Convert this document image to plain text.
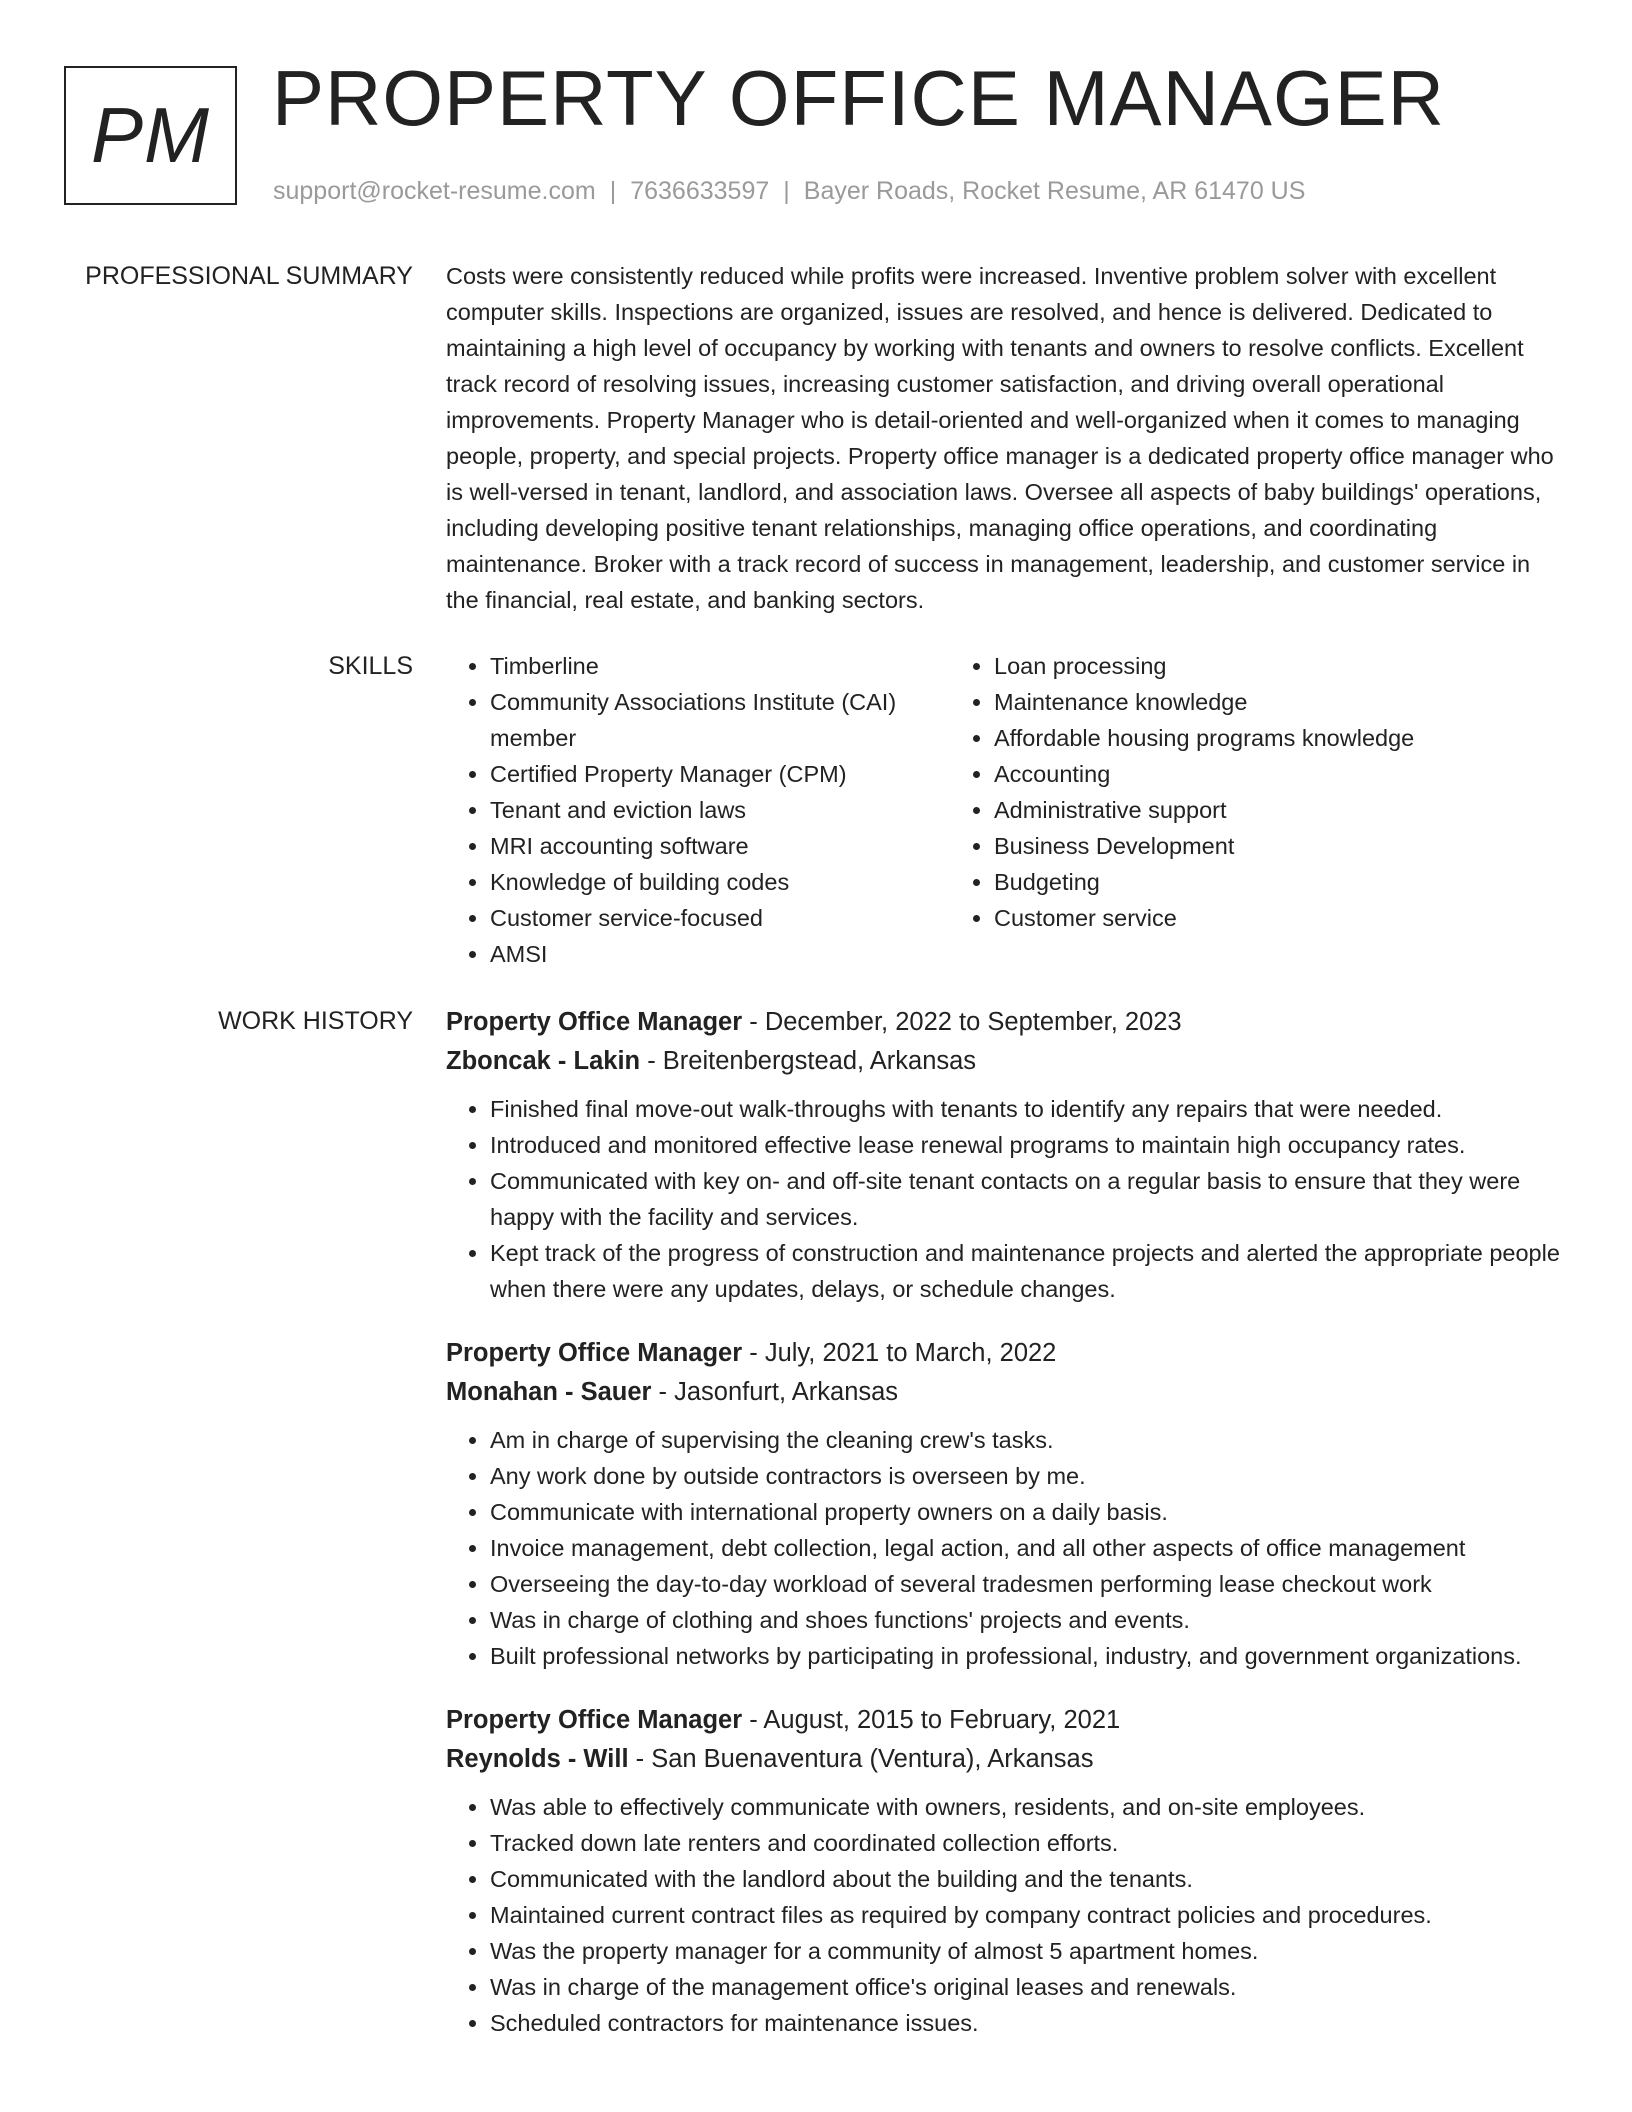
PM PROPERTY OFFICE MANAGER
support@rocket-resume.com | 7636633597 | Bayer Roads, Rocket Resume, AR 61470 US
PROFESSIONAL SUMMARY Costs were consistently reduced while profits were increased. Inventive problem solver with excellent computer skills. Inspections are organized, issues are resolved, and hence is delivered. Dedicated to maintaining a high level of occupancy by working with tenants and owners to resolve conflicts. Excellent track record of resolving issues, increasing customer satisfaction, and driving overall operational improvements. Property Manager who is detail-oriented and well-organized when it comes to managing people, property, and special projects. Property office manager is a dedicated property office manager who is well-versed in tenant, landlord, and association laws. Oversee all aspects of baby buildings' operations, including developing positive tenant relationships, managing office operations, and coordinating maintenance. Broker with a track record of success in management, leadership, and customer service in the financial, real estate, and banking sectors.

SKILLS
•	Timberline
• Community Associations Institute (CAI) member
• Certified Property Manager (CPM)
• Tenant and eviction laws
• MRI accounting software
• Knowledge of building codes
• Customer service-focused
• AMSI
• Loan processing
• Maintenance knowledge
• Affordable housing programs knowledge
• Accounting
• Administrative support
• Business Development
• Budgeting
• Customer service
WORK HISTORY Property Office Manager - December, 2022 to September, 2023
Zboncak - Lakin - Breitenbergstead, Arkansas
• Finished final move-out walk-throughs with tenants to identify any repairs that were needed.
• Introduced and monitored effective lease renewal programs to maintain high occupancy rates.
• Communicated with key on- and off-site tenant contacts on a regular basis to ensure that they were happy with the facility and services.
• Kept track of the progress of construction and maintenance projects and alerted the appropriate people when there were any updates, delays, or schedule changes.
Property Office Manager - July, 2021 to March, 2022
Monahan - Sauer - Jasonfurt, Arkansas
• Am in charge of supervising the cleaning crew's tasks.
• Any work done by outside contractors is overseen by me.
• Communicate with international property owners on a daily basis.
• Invoice management, debt collection, legal action, and all other aspects of office management
• Overseeing the day-to-day workload of several tradesmen performing lease checkout work
• Was in charge of clothing and shoes functions' projects and events.
• Built professional networks by participating in professional, industry, and government organizations.
Property Office Manager - August, 2015 to February, 2021
Reynolds - Will - San Buenaventura (Ventura), Arkansas
• Was able to effectively communicate with owners, residents, and on-site employees.
• Tracked down late renters and coordinated collection efforts.
• Communicated with the landlord about the building and the tenants.
• Maintained current contract files as required by company contract policies and procedures.
• Was the property manager for a community of almost 5 apartment homes.
• Was in charge of the management office's original leases and renewals.
• Scheduled contractors for maintenance issues.
